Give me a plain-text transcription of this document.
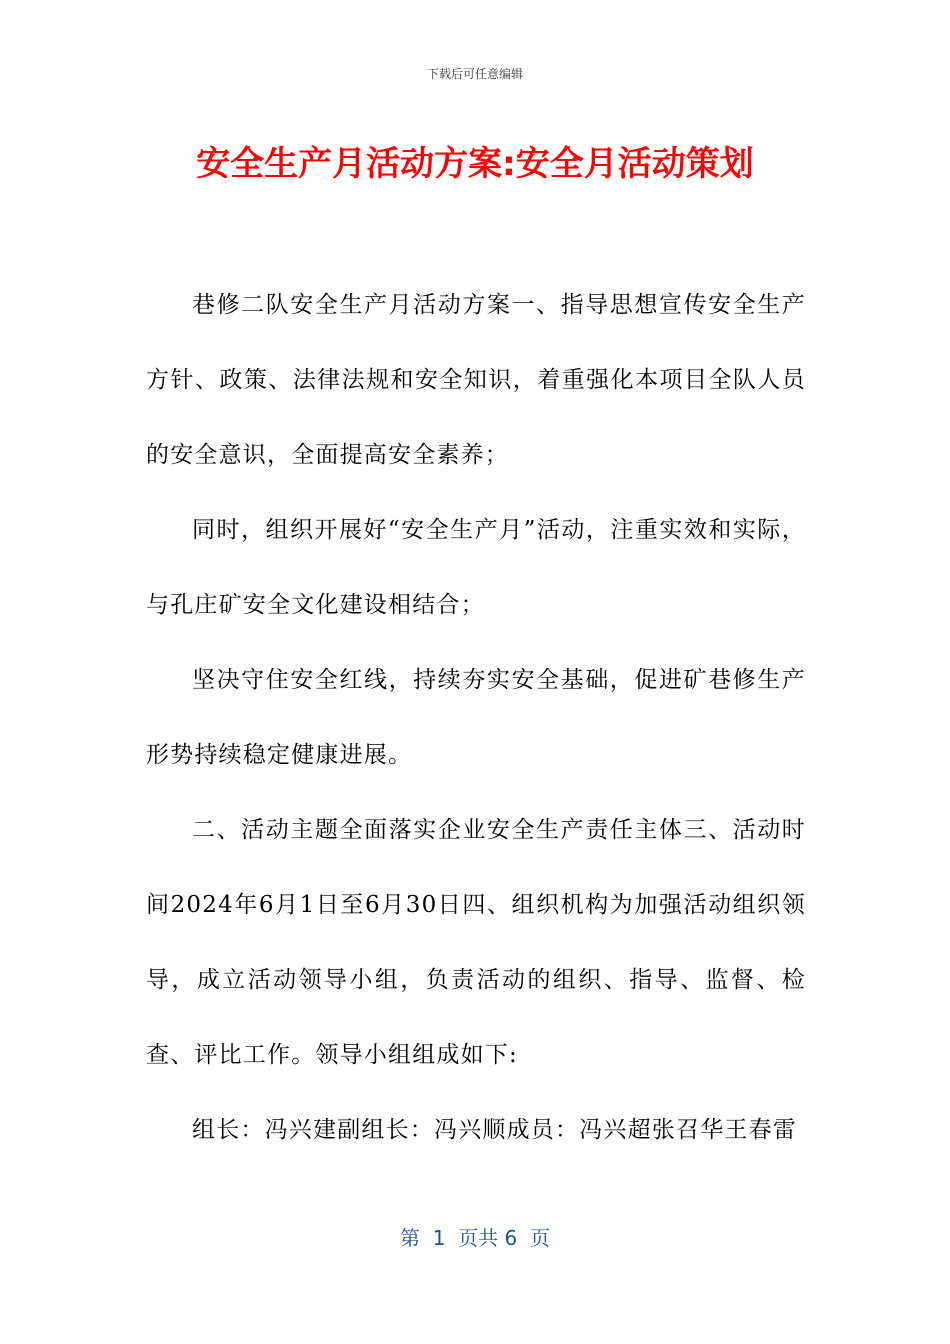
下载后可任意编辑
安全生产月活动方案:安全月活动策划

巷修二队安全生产月活动方案一、指导思想宣传安全生产方针、政策、法律法规和安全知识，着重强化本项目全队人员的安全意识，全面提高安全素养；

同时，组织开展好“安全生产月”活动，注重实效和实际，与孔庄矿安全文化建设相结合；

坚决守住安全红线，持续夯实安全基础，促进矿巷修生产形势持续稳定健康进展。

二、活动主题全面落实企业安全生产责任主体三、活动时间2024年6月1日至6月30日四、组织机构为加强活动组织领导，成立活动领导小组，负责活动的组织、指导、监督、检查、评比工作。领导小组组成如下:

组长：冯兴建副组长：冯兴顺成员：冯兴超张召华王春雷

第  1  页共 6  页
